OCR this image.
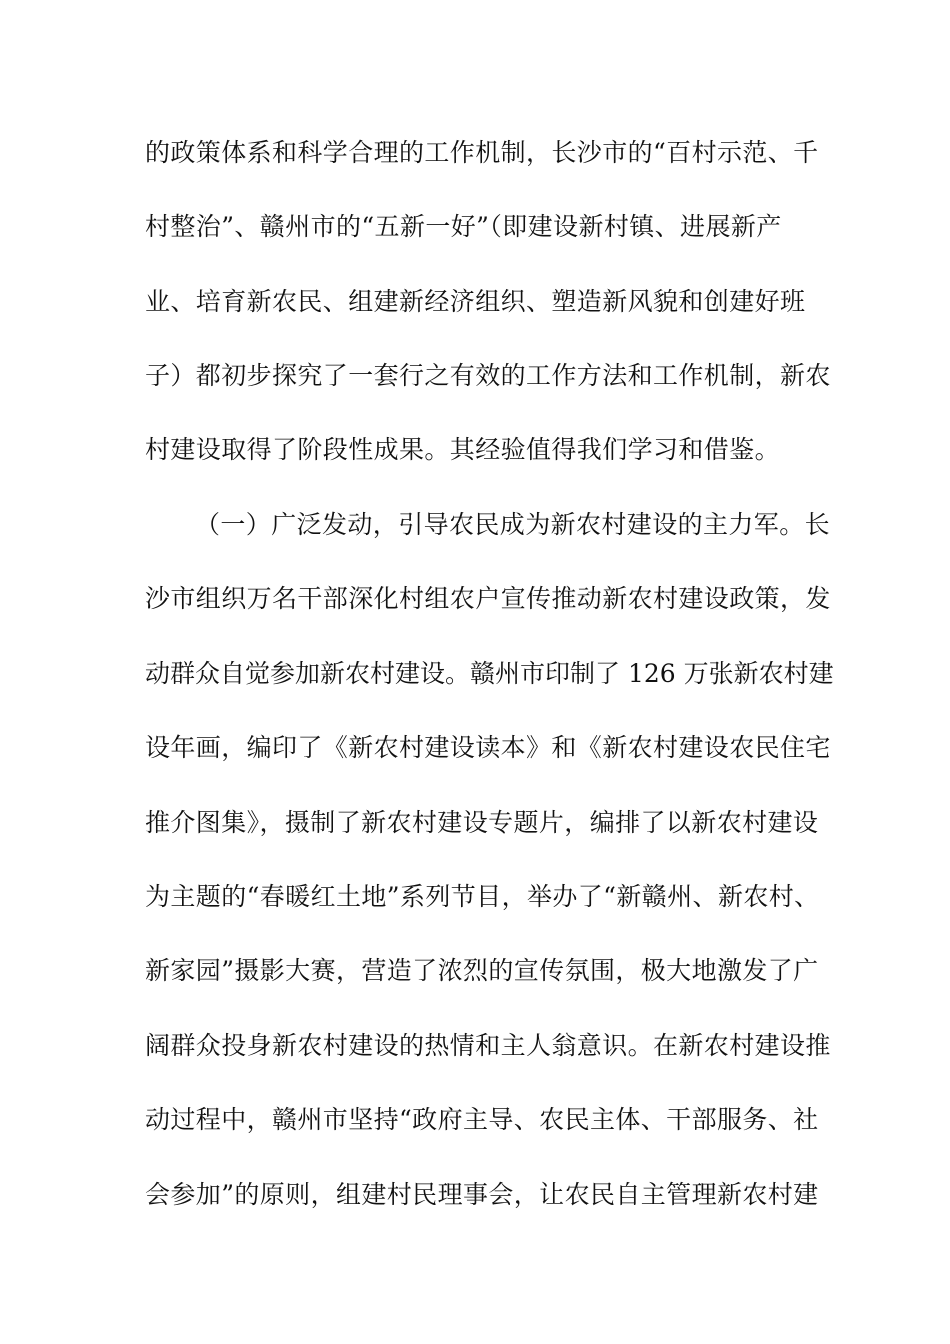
的政策体系和科学合理的工作机制，长沙市的“百村示范、千
村整治”、赣州市的“五新一好”（即建设新村镇、进展新产
业、培育新农民、组建新经济组织、塑造新风貌和创建好班
子）都初步探究了一套行之有效的工作方法和工作机制，新农
村建设取得了阶段性成果。其经验值得我们学习和借鉴。
（一）广泛发动，引导农民成为新农村建设的主力军。长
沙市组织万名干部深化村组农户宣传推动新农村建设政策，发
动群众自觉参加新农村建设。赣州市印制了 126 万张新农村建
设年画，编印了《新农村建设读本》和《新农村建设农民住宅
推介图集》，摄制了新农村建设专题片，编排了以新农村建设
为主题的“春暖红土地”系列节目，举办了“新赣州、新农村、
新家园”摄影大赛，营造了浓烈的宣传氛围，极大地激发了广
阔群众投身新农村建设的热情和主人翁意识。在新农村建设推
动过程中，赣州市坚持“政府主导、农民主体、干部服务、社
会参加”的原则，组建村民理事会，让农民自主管理新农村建
